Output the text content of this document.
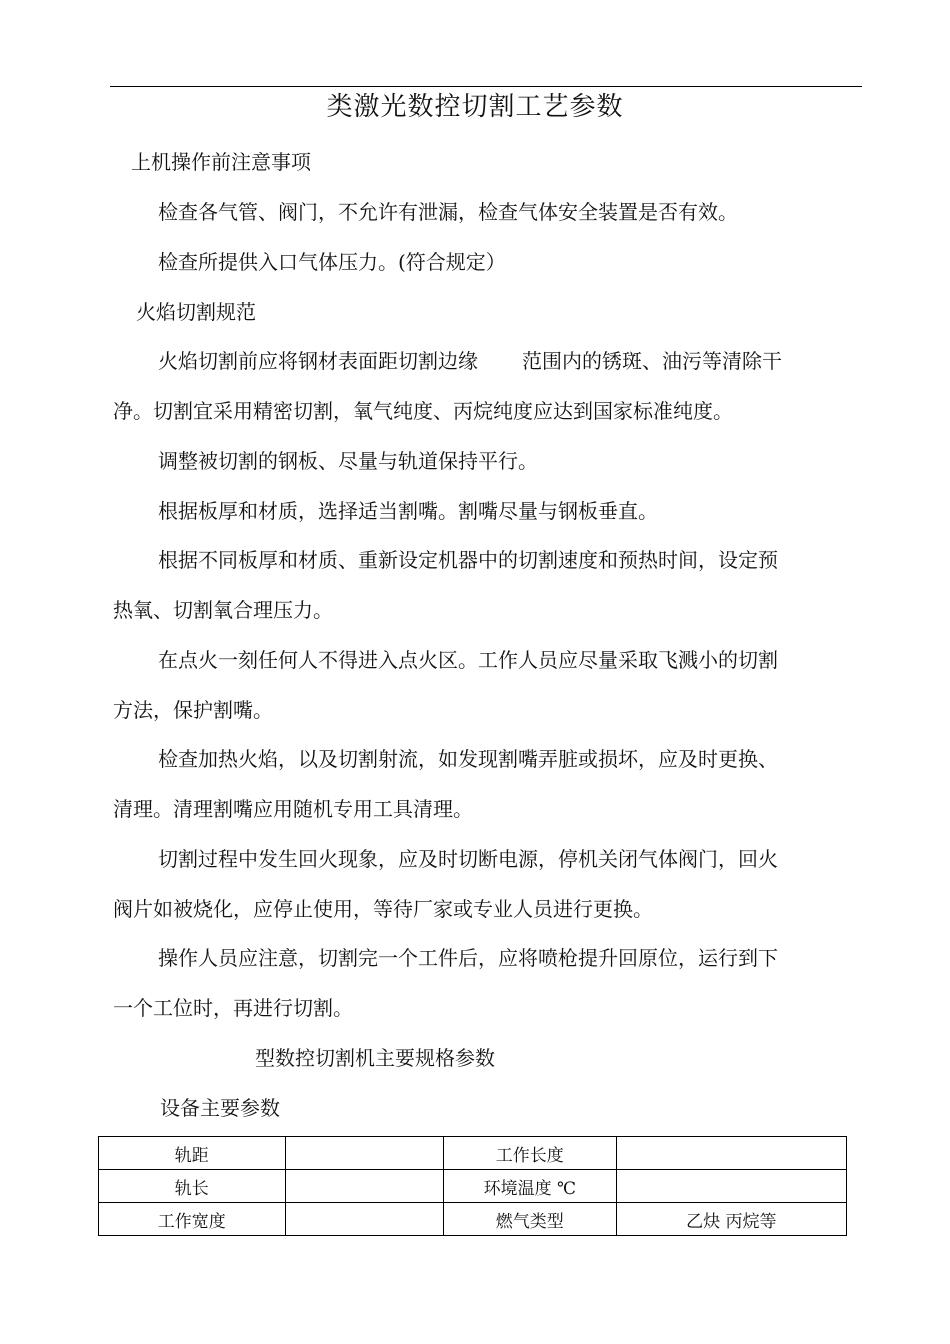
类激光数控切割工艺参数
上机操作前注意事项
检查各气管、阀门，不允许有泄漏，检查气体安全装置是否有效。
检查所提供入口气体压力。(符合规定）
火焰切割规范
火焰切割前应将钢材表面距切割边缘 范围内的锈斑、油污等清除干
净。切割宜采用精密切割，氧气纯度、丙烷纯度应达到国家标准纯度。
调整被切割的钢板、尽量与轨道保持平行。
根据板厚和材质，选择适当割嘴。割嘴尽量与钢板垂直。
根据不同板厚和材质、重新设定机器中的切割速度和预热时间，设定预
热氧、切割氧合理压力。
在点火一刻任何人不得进入点火区。工作人员应尽量采取飞溅小的切割
方法，保护割嘴。
检查加热火焰，以及切割射流，如发现割嘴弄脏或损坏，应及时更换、
清理。清理割嘴应用随机专用工具清理。
切割过程中发生回火现象，应及时切断电源，停机关闭气体阀门，回火
阀片如被烧化，应停止使用，等待厂家或专业人员进行更换。
操作人员应注意，切割完一个工件后，应将喷枪提升回原位，运行到下
一个工位时，再进行切割。
型数控切割机主要规格参数
设备主要参数
轨距		工作长度	
轨长		环境温度 ℃	
工作宽度		燃气类型	乙炔 丙烷等
